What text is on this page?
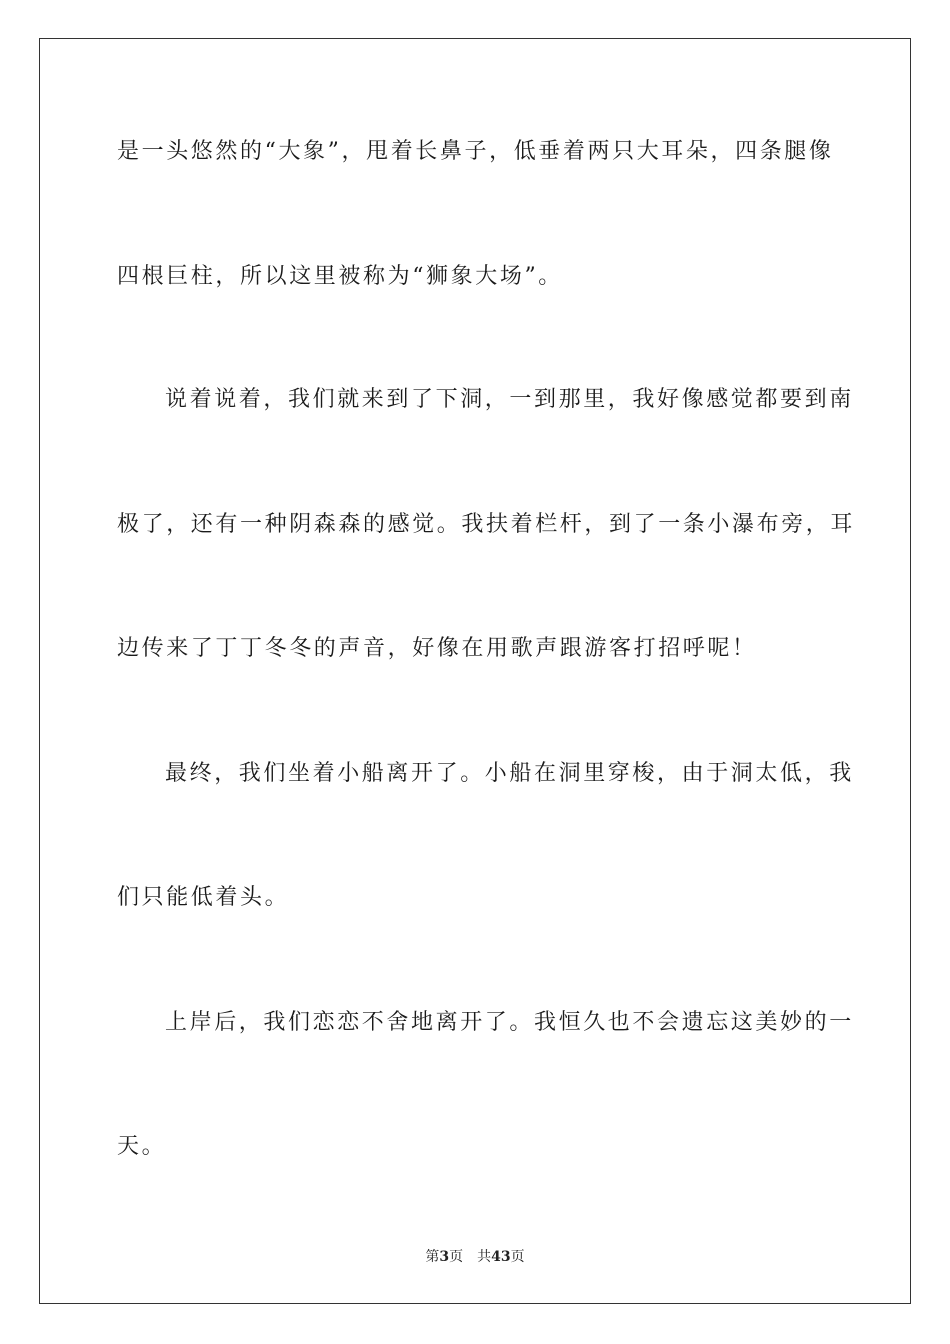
是一头悠然的“大象”，甩着长鼻子，低垂着两只大耳朵，四条腿像
四根巨柱，所以这里被称为“狮象大场”。
说着说着，我们就来到了下洞，一到那里，我好像感觉都要到南
极了，还有一种阴森森的感觉。我扶着栏杆，到了一条小瀑布旁，耳
边传来了丁丁冬冬的声音，好像在用歌声跟游客打招呼呢！
最终，我们坐着小船离开了。小船在洞里穿梭，由于洞太低，我
们只能低着头。
上岸后，我们恋恋不舍地离开了。我恒久也不会遗忘这美妙的一
天。
第3页 共43页
